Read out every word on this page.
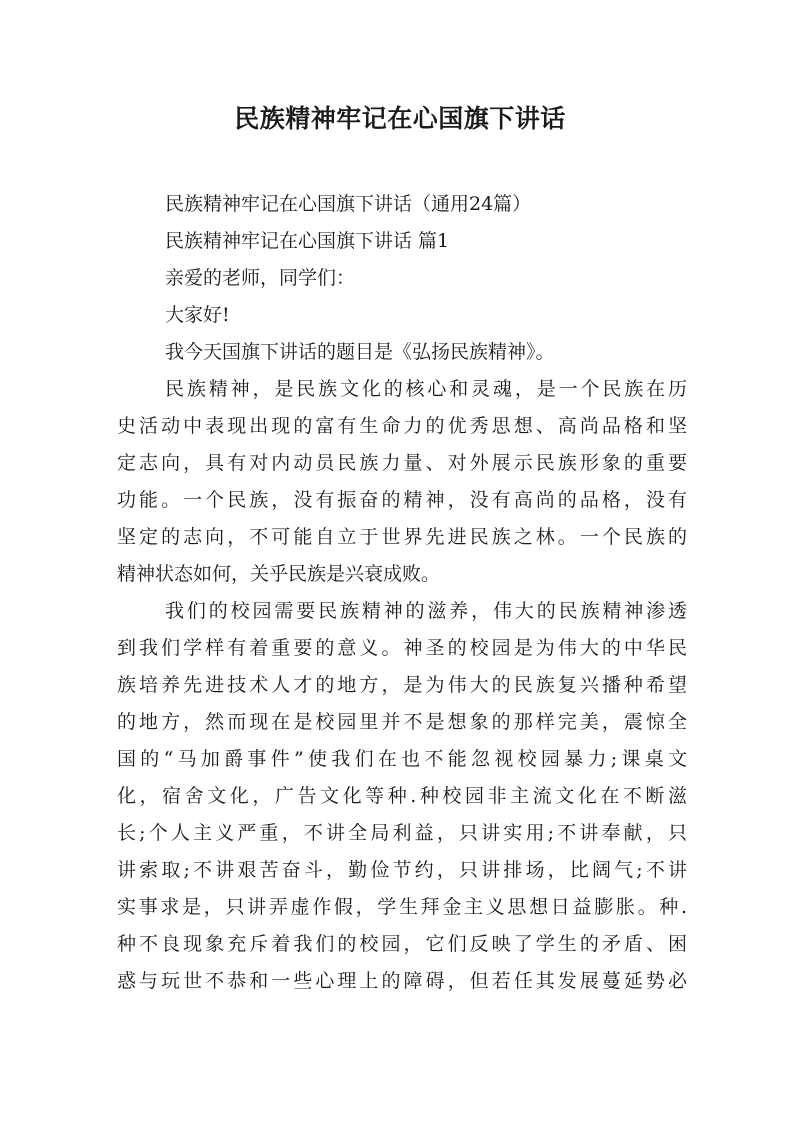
民族精神牢记在心国旗下讲话
民族精神牢记在心国旗下讲话（通用24篇）
民族精神牢记在心国旗下讲话 篇1
亲爱的老师，同学们：
大家好!
我今天国旗下讲话的题目是《弘扬民族精神》。
民族精神，是民族文化的核心和灵魂，是一个民族在历
史活动中表现出现的富有生命力的优秀思想、高尚品格和坚
定志向，具有对内动员民族力量、对外展示民族形象的重要
功能。一个民族，没有振奋的精神，没有高尚的品格，没有
坚定的志向，不可能自立于世界先进民族之林。一个民族的
精神状态如何，关乎民族是兴衰成败。
我们的校园需要民族精神的滋养，伟大的民族精神渗透
到我们学样有着重要的意义。神圣的校园是为伟大的中华民
族培养先进技术人才的地方，是为伟大的民族复兴播种希望
的地方，然而现在是校园里并不是想象的那样完美，震惊全
国的“马加爵事件”使我们在也不能忽视校园暴力;课桌文
化，宿舍文化，广告文化等种.种校园非主流文化在不断滋
长;个人主义严重，不讲全局利益，只讲实用;不讲奉献，只
讲索取;不讲艰苦奋斗，勤俭节约，只讲排场，比阔气;不讲
实事求是，只讲弄虚作假，学生拜金主义思想日益膨胀。种.
种不良现象充斥着我们的校园，它们反映了学生的矛盾、困
惑与玩世不恭和一些心理上的障碍，但若任其发展蔓延势必
